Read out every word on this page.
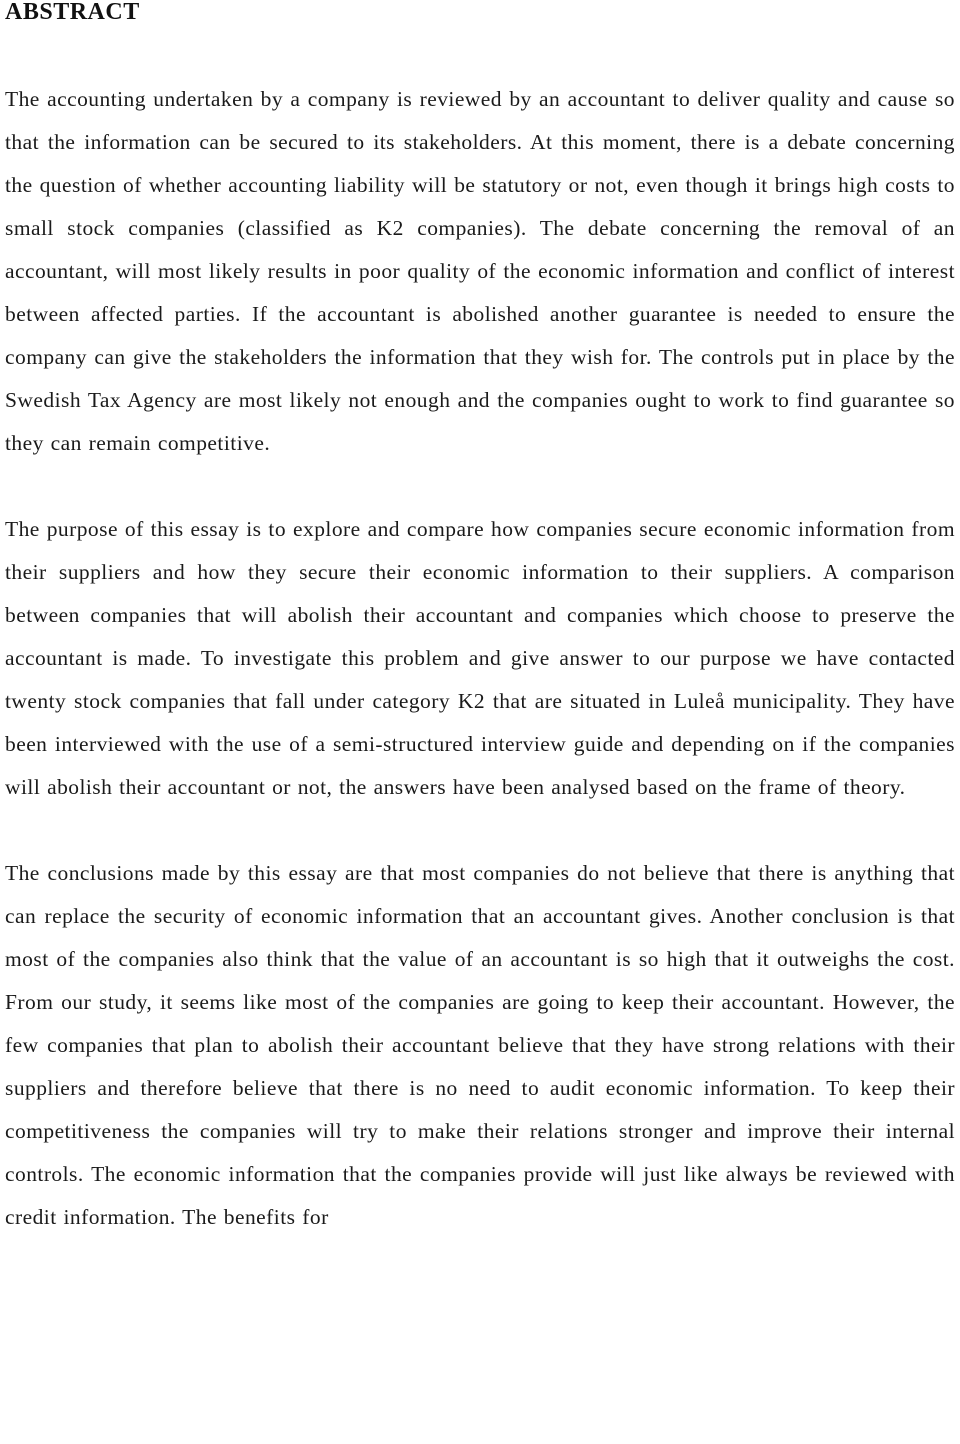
ABSTRACT

The accounting undertaken by a company is reviewed by an accountant to deliver quality and cause so that the information can be secured to its stakeholders. At this moment, there is a debate concerning the question of whether accounting liability will be statutory or not, even though it brings high costs to small stock companies (classified as K2 companies). The debate concerning the removal of an accountant, will most likely results in poor quality of the economic information and conflict of interest between affected parties. If the accountant is abolished another guarantee is needed to ensure the company can give the stakeholders the information that they wish for. The controls put in place by the Swedish Tax Agency are most likely not enough and the companies ought to work to find guarantee so they can remain competitive.

The purpose of this essay is to explore and compare how companies secure economic information from their suppliers and how they secure their economic information to their suppliers. A comparison between companies that will abolish their accountant and companies which choose to preserve the accountant is made. To investigate this problem and give answer to our purpose we have contacted twenty stock companies that fall under category K2 that are situated in Luleå municipality. They have been interviewed with the use of a semi-structured interview guide and depending on if the companies will abolish their accountant or not, the answers have been analysed based on the frame of theory.

The conclusions made by this essay are that most companies do not believe that there is anything that can replace the security of economic information that an accountant gives. Another conclusion is that most of the companies also think that the value of an accountant is so high that it outweighs the cost. From our study, it seems like most of the companies are going to keep their accountant. However, the few companies that plan to abolish their accountant believe that they have strong relations with their suppliers and therefore believe that there is no need to audit economic information. To keep their competitiveness the companies will try to make their relations stronger and improve their internal controls. The economic information that the companies provide will just like always be reviewed with credit information. The benefits for
